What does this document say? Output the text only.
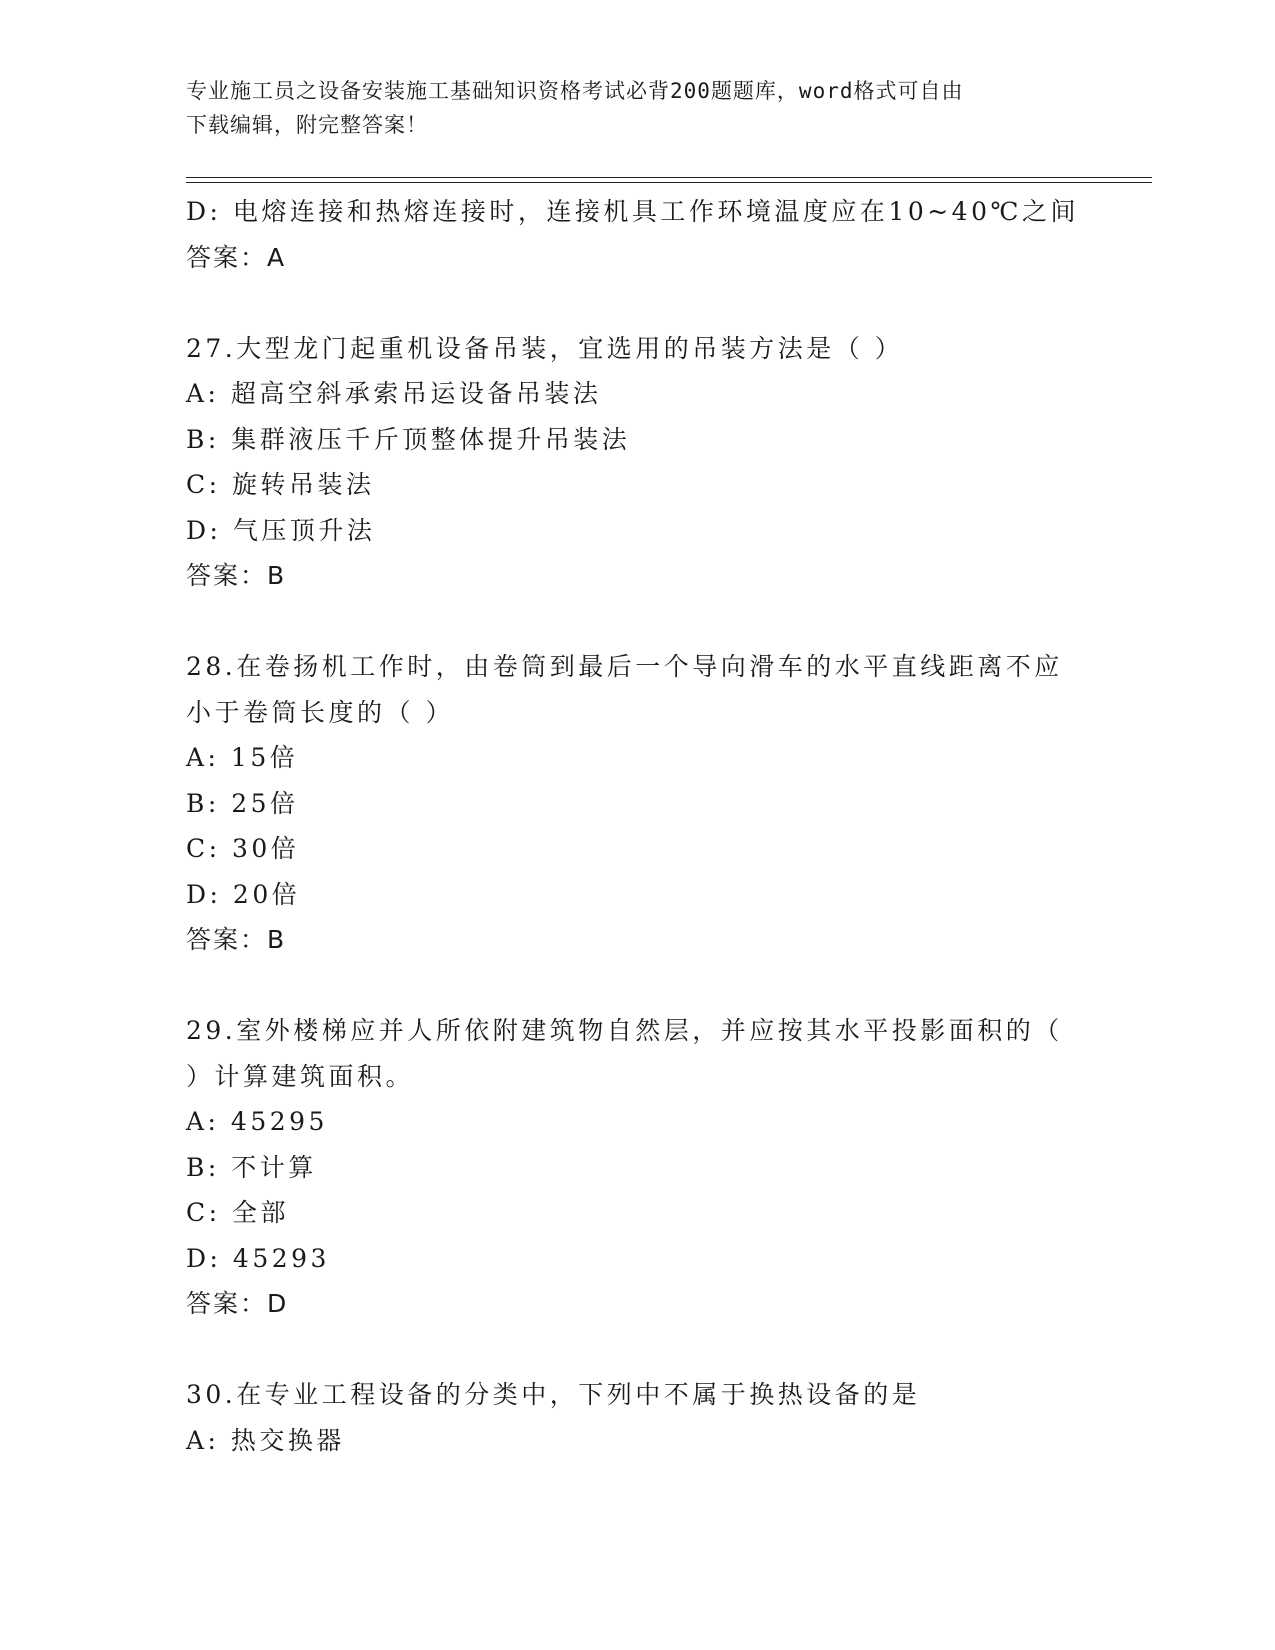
专业施工员之设备安装施工基础知识资格考试必背200题题库，word格式可自由
下载编辑，附完整答案！
D: 电熔连接和热熔连接时，连接机具工作环境温度应在10~40℃之间
答案：A
27.大型龙门起重机设备吊装，宜选用的吊装方法是（ ）
A: 超高空斜承索吊运设备吊装法
B: 集群液压千斤顶整体提升吊装法
C: 旋转吊装法
D: 气压顶升法
答案：B
28.在卷扬机工作时，由卷筒到最后一个导向滑车的水平直线距离不应
小于卷筒长度的（ ）
A: 15倍
B: 25倍
C: 30倍
D: 20倍
答案：B
29.室外楼梯应并人所依附建筑物自然层，并应按其水平投影面积的（
）计算建筑面积。
A: 45295
B: 不计算
C: 全部
D: 45293
答案：D
30.在专业工程设备的分类中，下列中不属于换热设备的是
A: 热交换器
